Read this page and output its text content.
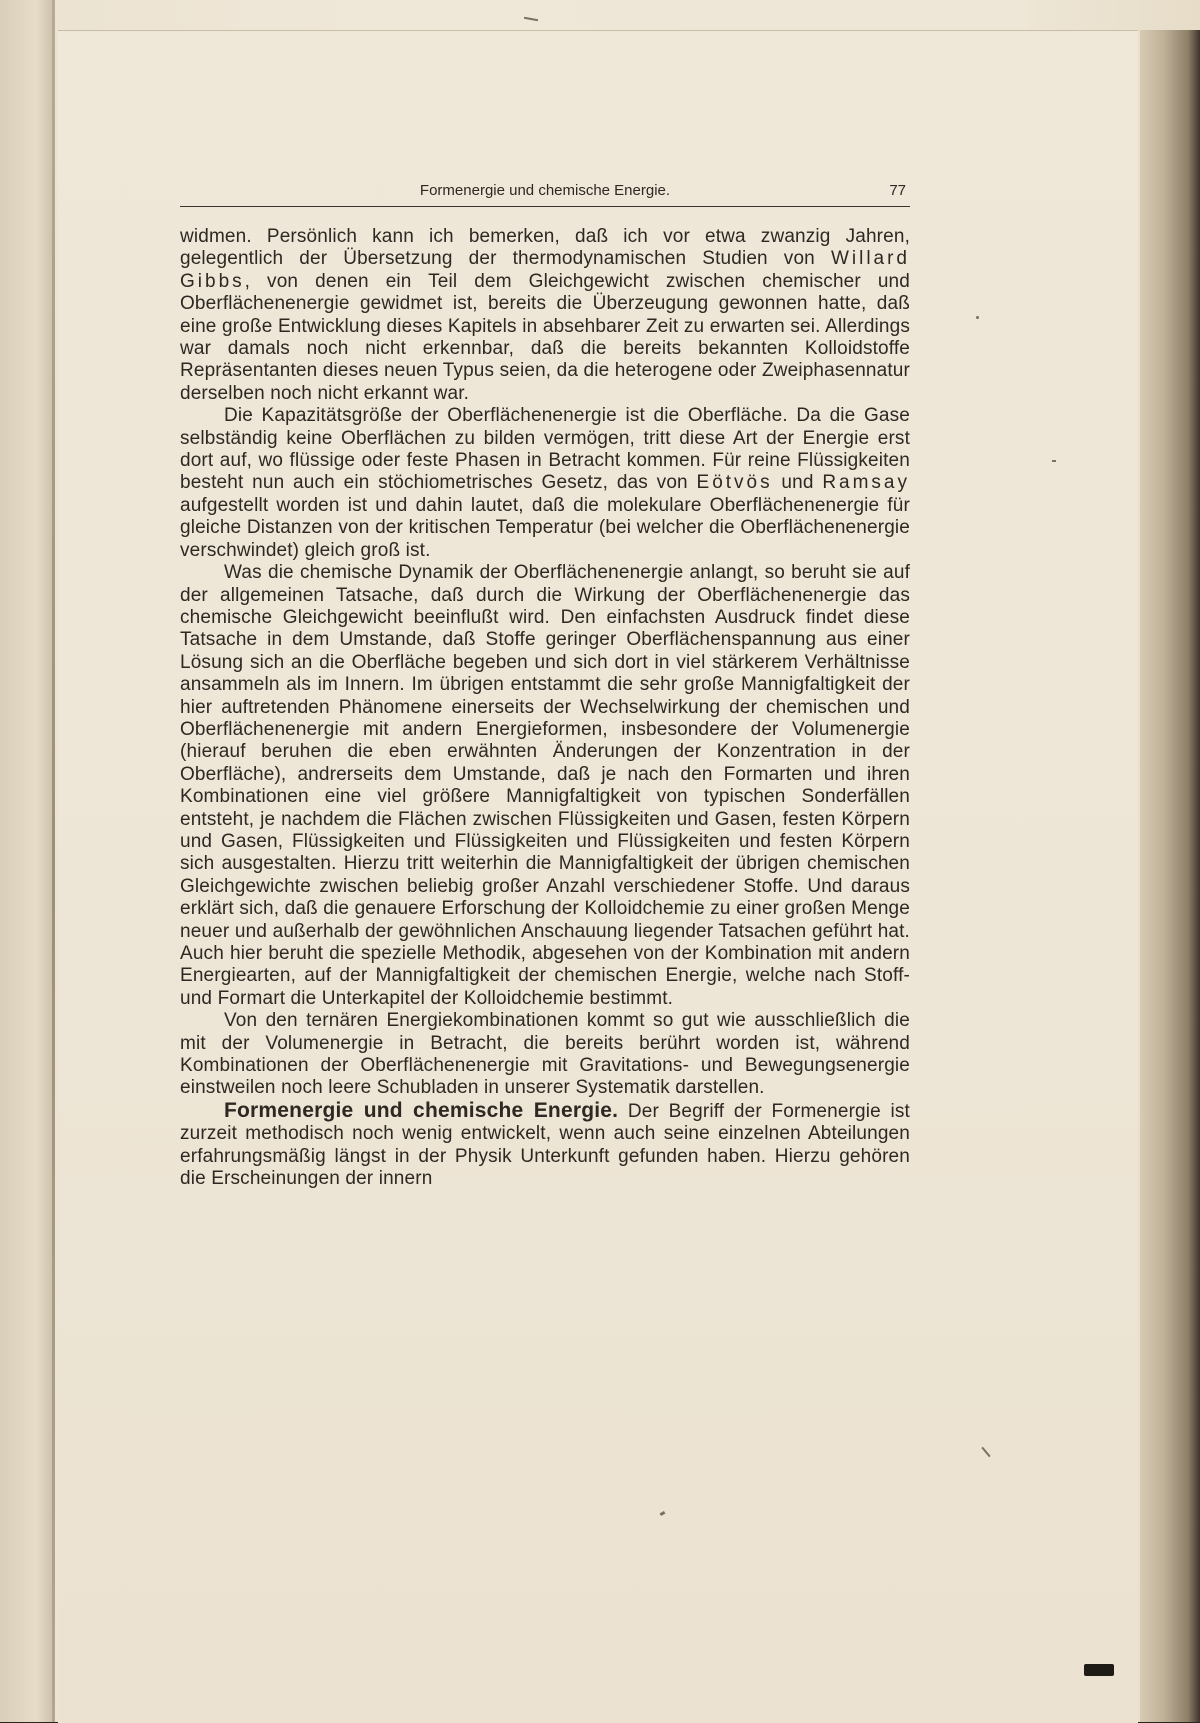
Formenergie und chemische Energie.	77

widmen. Persönlich kann ich bemerken, daß ich vor etwa zwanzig Jahren, gelegentlich der Übersetzung der thermodynamischen Studien von Willard Gibbs, von denen ein Teil dem Gleichgewicht zwischen chemischer und Oberflächenenergie gewidmet ist, bereits die Überzeugung gewonnen hatte, daß eine große Entwicklung dieses Kapitels in absehbarer Zeit zu erwarten sei. Allerdings war damals noch nicht erkennbar, daß die bereits bekannten Kolloidstoffe Repräsentanten dieses neuen Typus seien, da die heterogene oder Zweiphasennatur derselben noch nicht erkannt war.

Die Kapazitätsgröße der Oberflächenenergie ist die Oberfläche. Da die Gase selbständig keine Oberflächen zu bilden vermögen, tritt diese Art der Energie erst dort auf, wo flüssige oder feste Phasen in Betracht kommen. Für reine Flüssigkeiten besteht nun auch ein stöchiometrisches Gesetz, das von Eötvös und Ramsay aufgestellt worden ist und dahin lautet, daß die molekulare Oberflächenenergie für gleiche Distanzen von der kritischen Temperatur (bei welcher die Oberflächenenergie verschwindet) gleich groß ist.

Was die chemische Dynamik der Oberflächenenergie anlangt, so beruht sie auf der allgemeinen Tatsache, daß durch die Wirkung der Oberflächenenergie das chemische Gleichgewicht beeinflußt wird. Den einfachsten Ausdruck findet diese Tatsache in dem Umstande, daß Stoffe geringer Oberflächenspannung aus einer Lösung sich an die Oberfläche begeben und sich dort in viel stärkerem Verhältnisse ansammeln als im Innern. Im übrigen entstammt die sehr große Mannigfaltigkeit der hier auftretenden Phänomene einerseits der Wechselwirkung der chemischen und Oberflächenenergie mit andern Energieformen, insbesondere der Volumenergie (hierauf beruhen die eben erwähnten Änderungen der Konzentration in der Oberfläche), andrerseits dem Umstande, daß je nach den Formarten und ihren Kombinationen eine viel größere Mannigfaltigkeit von typischen Sonderfällen entsteht, je nachdem die Flächen zwischen Flüssigkeiten und Gasen, festen Körpern und Gasen, Flüssigkeiten und Flüssigkeiten und Flüssigkeiten und festen Körpern sich ausgestalten. Hierzu tritt weiterhin die Mannigfaltigkeit der übrigen chemischen Gleichgewichte zwischen beliebig großer Anzahl verschiedener Stoffe. Und daraus erklärt sich, daß die genauere Erforschung der Kolloidchemie zu einer großen Menge neuer und außerhalb der gewöhnlichen Anschauung liegender Tatsachen geführt hat. Auch hier beruht die spezielle Methodik, abgesehen von der Kombination mit andern Energiearten, auf der Mannigfaltigkeit der chemischen Energie, welche nach Stoff- und Formart die Unterkapitel der Kolloidchemie bestimmt.

Von den ternären Energiekombinationen kommt so gut wie ausschließlich die mit der Volumenergie in Betracht, die bereits berührt worden ist, während Kombinationen der Oberflächenenergie mit Gravitations- und Bewegungsenergie einstweilen noch leere Schubladen in unserer Systematik darstellen.

Formenergie und chemische Energie. Der Begriff der Formenergie ist zurzeit methodisch noch wenig entwickelt, wenn auch seine einzelnen Abteilungen erfahrungsmäßig längst in der Physik Unterkunft gefunden haben. Hierzu gehören die Erscheinungen der innern
